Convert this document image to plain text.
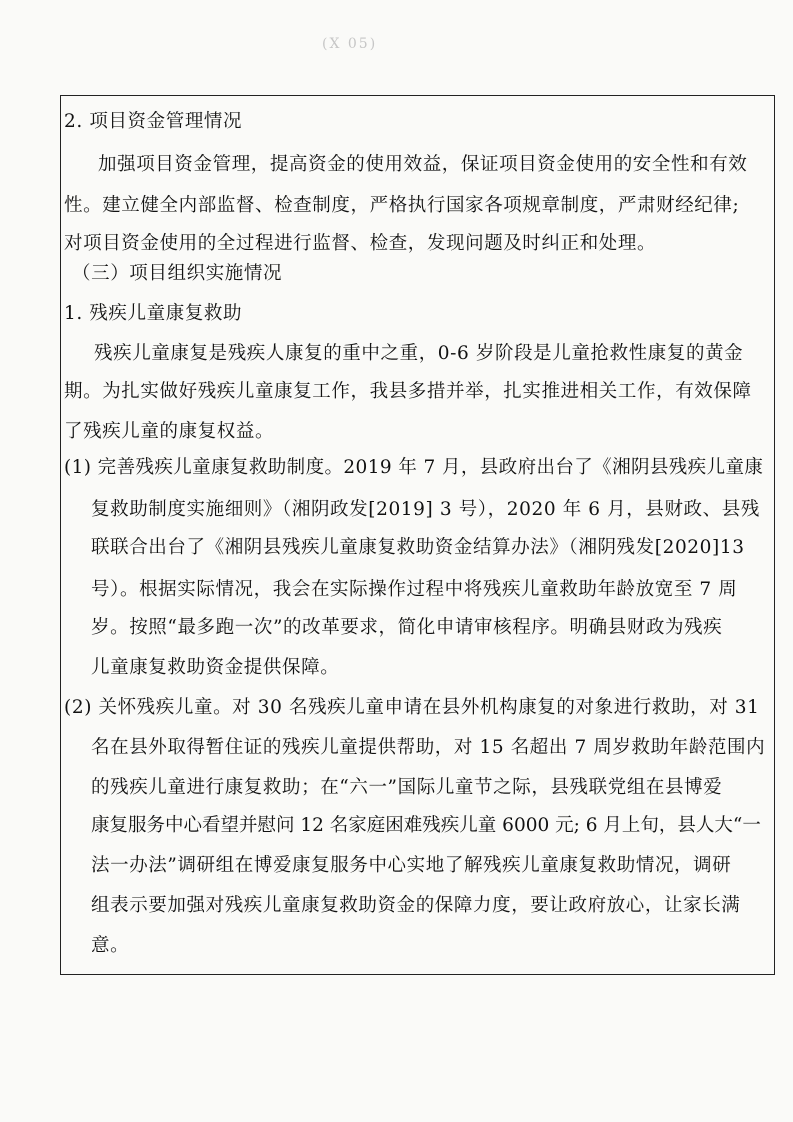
(X 05)
2. 项目资金管理情况
加强项目资金管理，提高资金的使用效益，保证项目资金使用的安全性和有效
性。建立健全内部监督、检查制度，严格执行国家各项规章制度，严肃财经纪律;
对项目资金使用的全过程进行监督、检查，发现问题及时纠正和处理。
（三）项目组织实施情况
1. 残疾儿童康复救助
残疾儿童康复是残疾人康复的重中之重，0-6 岁阶段是儿童抢救性康复的黄金
期。为扎实做好残疾儿童康复工作，我县多措并举，扎实推进相关工作，有效保障
了残疾儿童的康复权益。
(1) 完善残疾儿童康复救助制度。2019 年 7 月，县政府出台了《湘阴县残疾儿童康
复救助制度实施细则》（湘阴政发[2019] 3 号），2020 年 6 月，县财政、县残
联联合出台了《湘阴县残疾儿童康复救助资金结算办法》（湘阴残发[2020]13
号）。根据实际情况，我会在实际操作过程中将残疾儿童救助年龄放宽至 7 周
岁。按照“最多跑一次”的改革要求，简化申请审核程序。明确县财政为残疾
儿童康复救助资金提供保障。
(2) 关怀残疾儿童。对 30 名残疾儿童申请在县外机构康复的对象进行救助，对 31
名在县外取得暂住证的残疾儿童提供帮助，对 15 名超出 7 周岁救助年龄范围内
的残疾儿童进行康复救助；在“六一”国际儿童节之际，县残联党组在县博爱
康复服务中心看望并慰问 12 名家庭困难残疾儿童 6000 元; 6 月上旬，县人大“一
法一办法”调研组在博爱康复服务中心实地了解残疾儿童康复救助情况，调研
组表示要加强对残疾儿童康复救助资金的保障力度，要让政府放心，让家长满
意。
